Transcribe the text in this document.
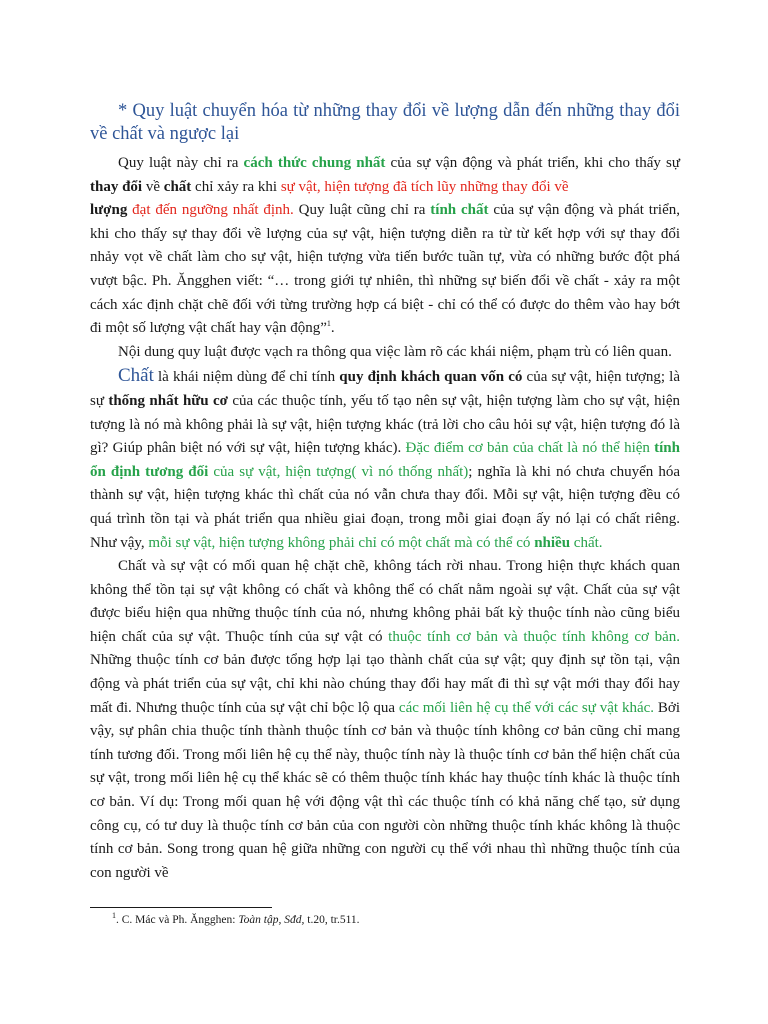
* Quy luật chuyển hóa từ những thay đổi về lượng dẫn đến những thay đổi về chất và ngược lại

Quy luật này chỉ ra cách thức chung nhất của sự vận động và phát triển, khi cho thấy sự thay đổi về chất chỉ xảy ra khi sự vật, hiện tượng đã tích lũy những thay đổi về
lượng đạt đến ngưỡng nhất định. Quy luật cũng chỉ ra tính chất của sự vận động và phát triển, khi cho thấy sự thay đổi về lượng của sự vật, hiện tượng diễn ra từ từ kết hợp với sự thay đổi nhảy vọt về chất làm cho sự vật, hiện tượng vừa tiến bước tuần tự, vừa có những bước đột phá vượt bậc. Ph. Ăngghen viết: “… trong giới tự nhiên, thì những sự biến đổi về chất - xảy ra một cách xác định chặt chẽ đối với từng trường hợp cá biệt - chỉ có thể có được do thêm vào hay bớt đi một số lượng vật chất hay vận động”$^1$.

Nội dung quy luật được vạch ra thông qua việc làm rõ các khái niệm, phạm trù có liên quan.

Chất là khái niệm dùng để chỉ tính quy định khách quan vốn có của sự vật, hiện tượng; là sự thống nhất hữu cơ của các thuộc tính, yếu tố tạo nên sự vật, hiện tượng làm cho sự vật, hiện tượng là nó mà không phải là sự vật, hiện tượng khác (trả lời cho câu hỏi sự vật, hiện tượng đó là gì? Giúp phân biệt nó với sự vật, hiện tượng khác). Đặc điểm cơ bản của chất là nó thể hiện tính ổn định tương đối của sự vật, hiện tượng( vì nó thống nhất); nghĩa là khi nó chưa chuyển hóa thành sự vật, hiện tượng khác thì chất của nó vẫn chưa thay đổi. Mỗi sự vật, hiện tượng đều có quá trình tồn tại và phát triển qua nhiều giai đoạn, trong mỗi giai đoạn ấy nó lại có chất riêng. Như vậy, mỗi sự vật, hiện tượng không phải chỉ có một chất mà có thể có nhiều chất.

Chất và sự vật có mối quan hệ chặt chẽ, không tách rời nhau. Trong hiện thực khách quan không thể tồn tại sự vật không có chất và không thể có chất nằm ngoài sự vật. Chất của sự vật được biểu hiện qua những thuộc tính của nó, nhưng không phải bất kỳ thuộc tính nào cũng biểu hiện chất của sự vật. Thuộc tính của sự vật có thuộc tính cơ bản và thuộc tính không cơ bản. Những thuộc tính cơ bản được tổng hợp lại tạo thành chất của sự vật; quy định sự tồn tại, vận động và phát triển của sự vật, chỉ khi nào chúng thay đổi hay mất đi thì sự vật mới thay đổi hay mất đi. Nhưng thuộc tính của sự vật chỉ bộc lộ qua các mối liên hệ cụ thể với các sự vật khác. Bởi vậy, sự phân chia thuộc tính thành thuộc tính cơ bản và thuộc tính không cơ bản cũng chỉ mang tính tương đối. Trong mối liên hệ cụ thể này, thuộc tính này là thuộc tính cơ bản thể hiện chất của sự vật, trong mối liên hệ cụ thể khác sẽ có thêm thuộc tính khác hay thuộc tính khác là thuộc tính cơ bản. Ví dụ: Trong mối quan hệ với động vật thì các thuộc tính có khả năng chế tạo, sử dụng công cụ, có tư duy là thuộc tính cơ bản của con người còn những thuộc tính khác không là thuộc tính cơ bản. Song trong quan hệ giữa những con người cụ thể với nhau thì những thuộc tính của con người về

$^1$. C. Mác và Ph. Ăngghen: Toàn tập, Sđd, t.20, tr.511.
